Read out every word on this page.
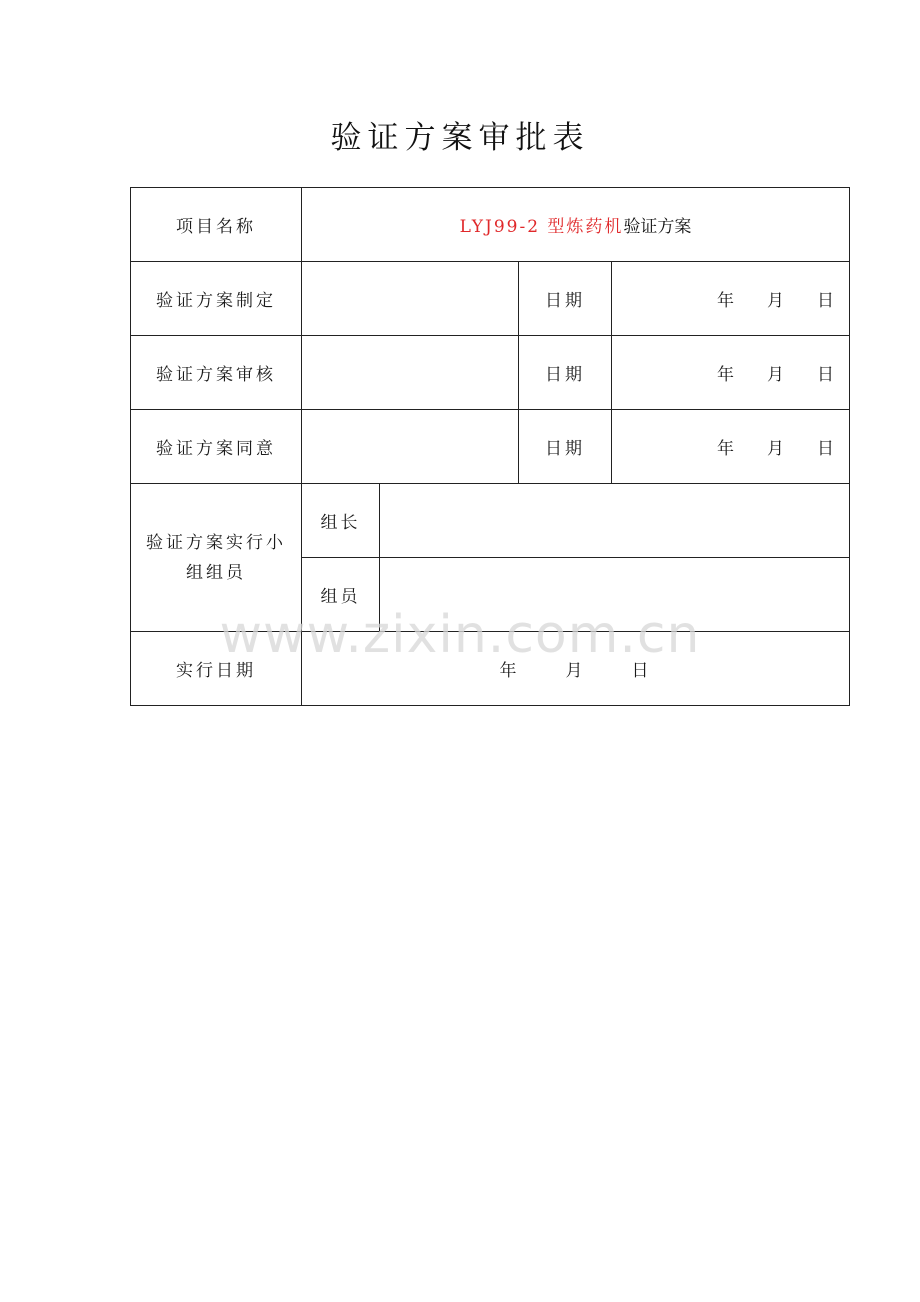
验证方案审批表
项目名称	LYJ99-2 型炼药机验证方案			
验证方案制定			日期	年 月 日
验证方案审核			日期	年 月 日
验证方案同意			日期	年 月 日

验证方案实行小
组组员	组长			
	组员			
实行日期	年 月 日			
www.zixin.com.cn
